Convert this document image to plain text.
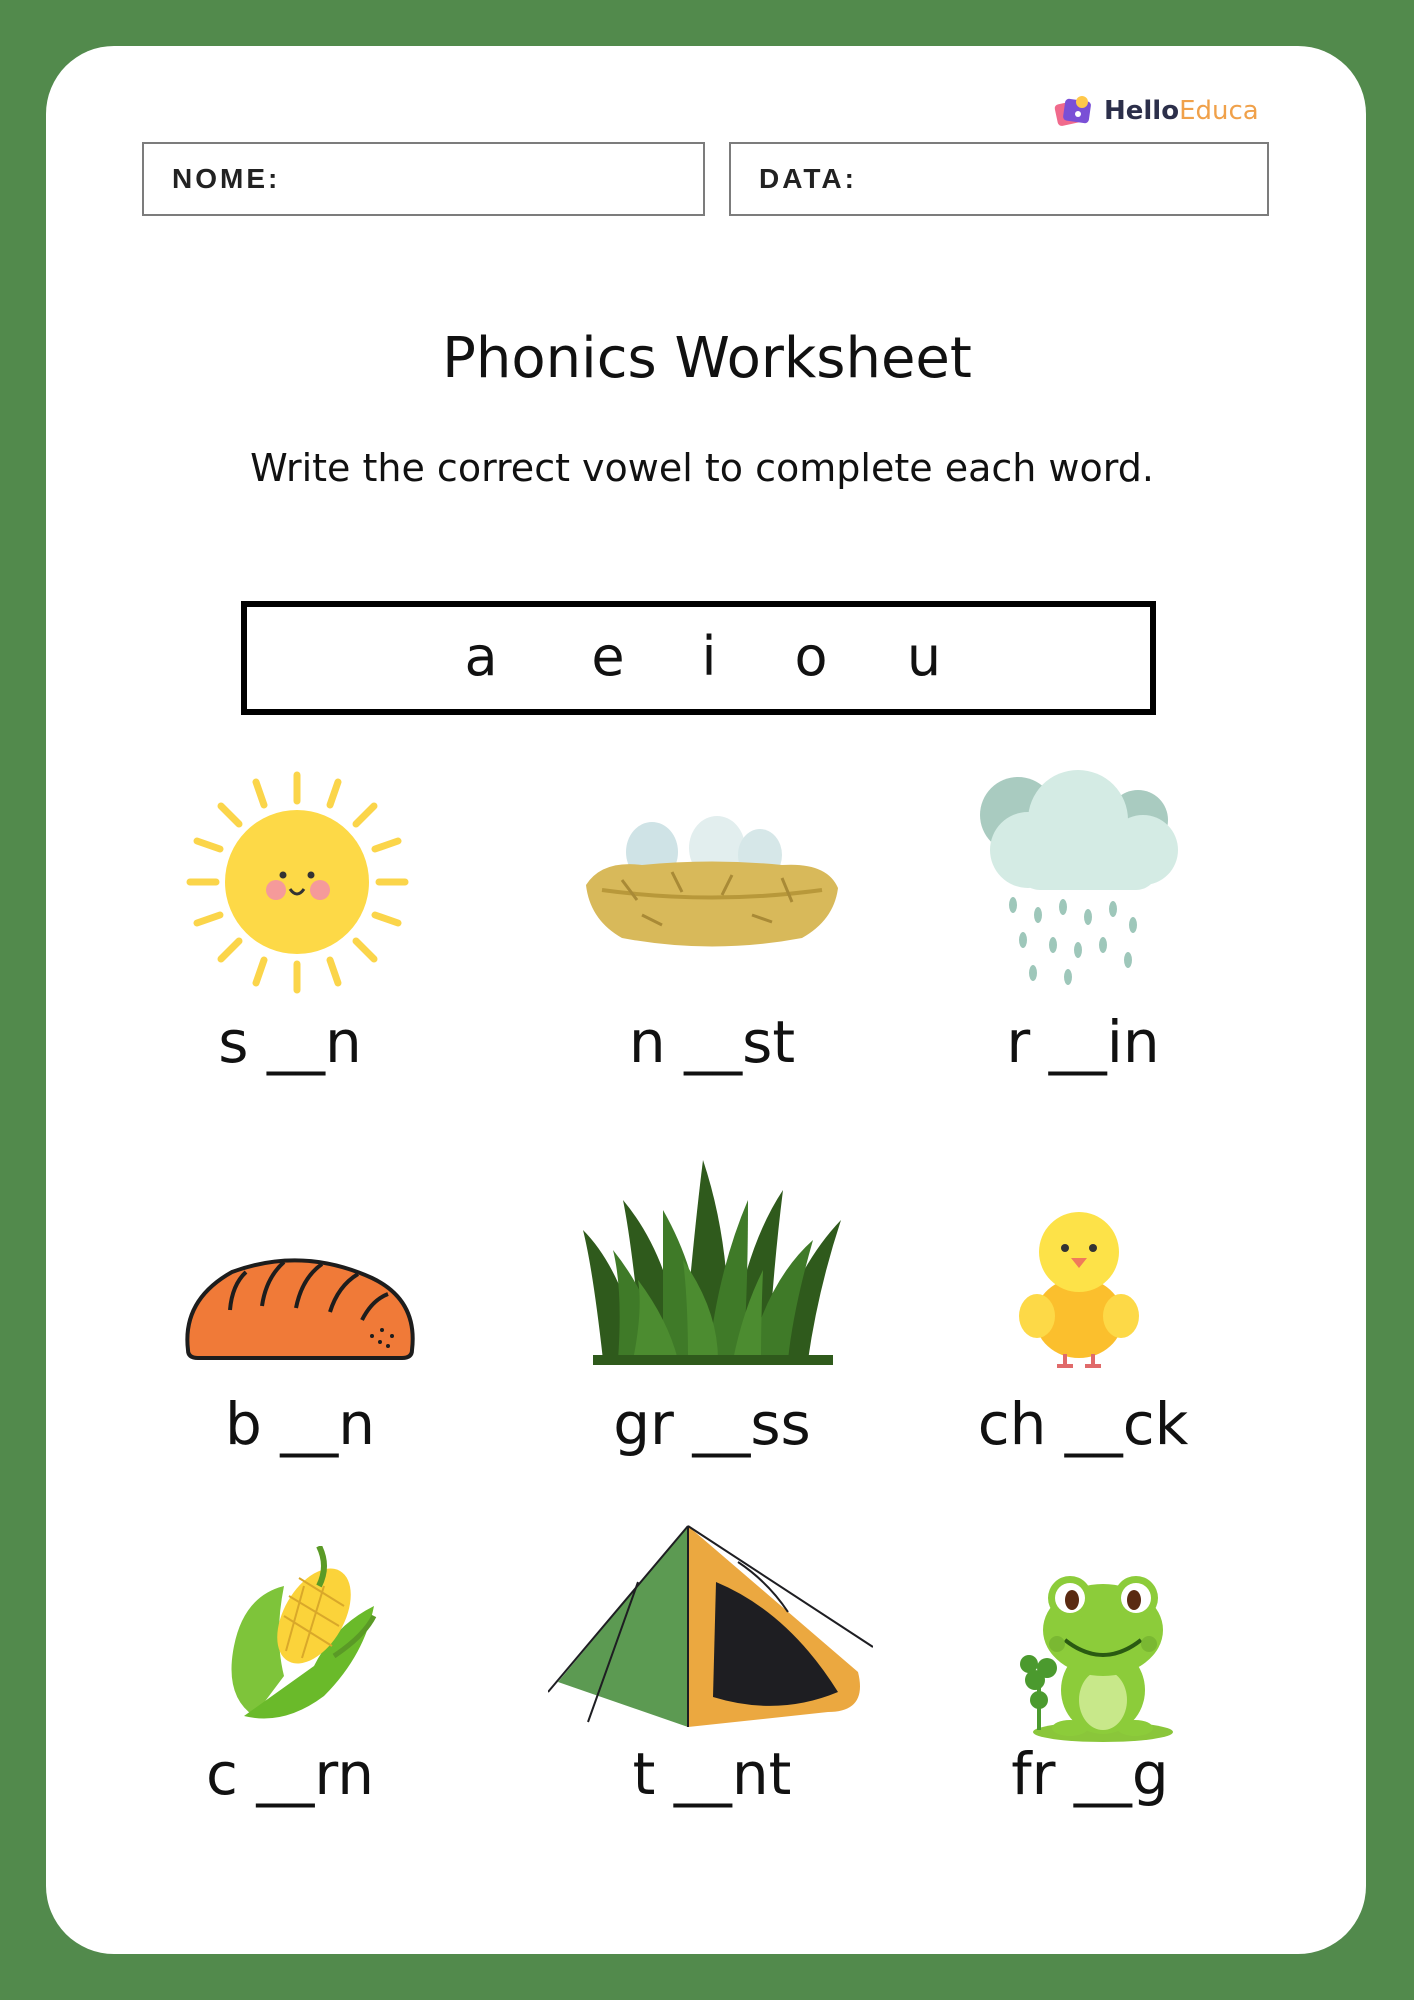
Hello Educa
NOME:	DATA:
Phonics Worksheet
Write the correct vowel to complete each word.
a e i o u
s __n	n __st	r __in
b __n	gr __ss	ch __ck
c __rn	t __nt	fr __g
